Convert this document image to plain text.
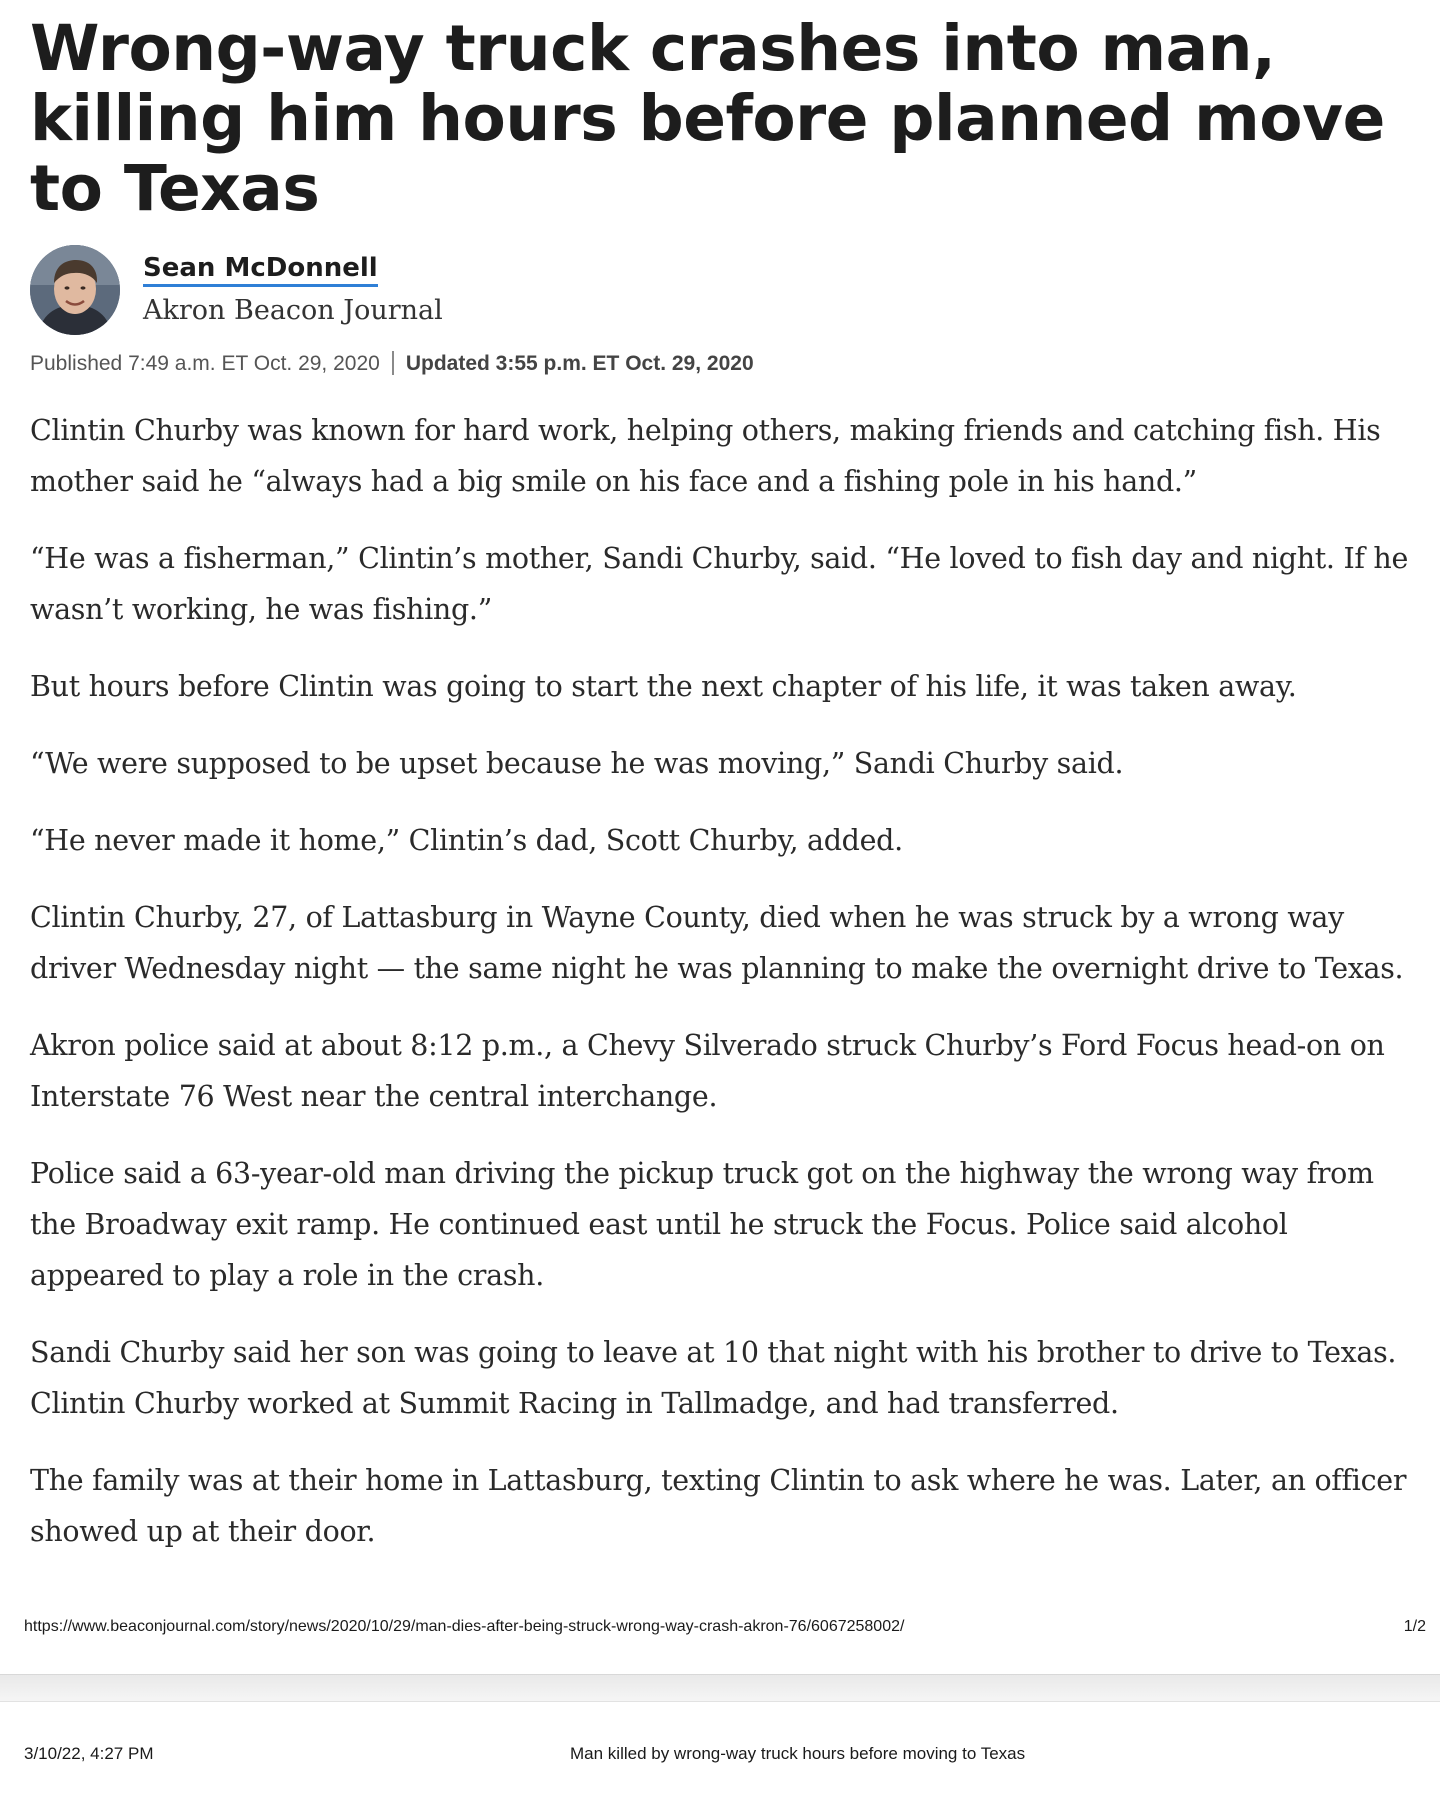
Wrong-way truck crashes into man, killing him hours before planned move to Texas
Sean McDonnell
Akron Beacon Journal
Published 7:49 a.m. ET Oct. 29, 2020 Updated 3:55 p.m. ET Oct. 29, 2020

Clintin Churby was known for hard work, helping others, making friends and catching fish. His mother said he “always had a big smile on his face and a fishing pole in his hand.”

“He was a fisherman,” Clintin’s mother, Sandi Churby, said. “He loved to fish day and night. If he wasn’t working, he was fishing.”

But hours before Clintin was going to start the next chapter of his life, it was taken away.

“We were supposed to be upset because he was moving,” Sandi Churby said.

“He never made it home,” Clintin’s dad, Scott Churby, added.

Clintin Churby, 27, of Lattasburg in Wayne County, died when he was struck by a wrong way driver Wednesday night — the same night he was planning to make the overnight drive to Texas.

Akron police said at about 8:12 p.m., a Chevy Silverado struck Churby’s Ford Focus head-on on Interstate 76 West near the central interchange.

Police said a 63-year-old man driving the pickup truck got on the highway the wrong way from the Broadway exit ramp. He continued east until he struck the Focus. Police said alcohol appeared to play a role in the crash.

Sandi Churby said her son was going to leave at 10 that night with his brother to drive to Texas. Clintin Churby worked at Summit Racing in Tallmadge, and had transferred.

The family was at their home in Lattasburg, texting Clintin to ask where he was. Later, an officer showed up at their door.

https://www.beaconjournal.com/story/news/2020/10/29/man-dies-after-being-struck-wrong-way-crash-akron-76/6067258002/	1/2
3/10/22, 4:27 PM	Man killed by wrong-way truck hours before moving to Texas
